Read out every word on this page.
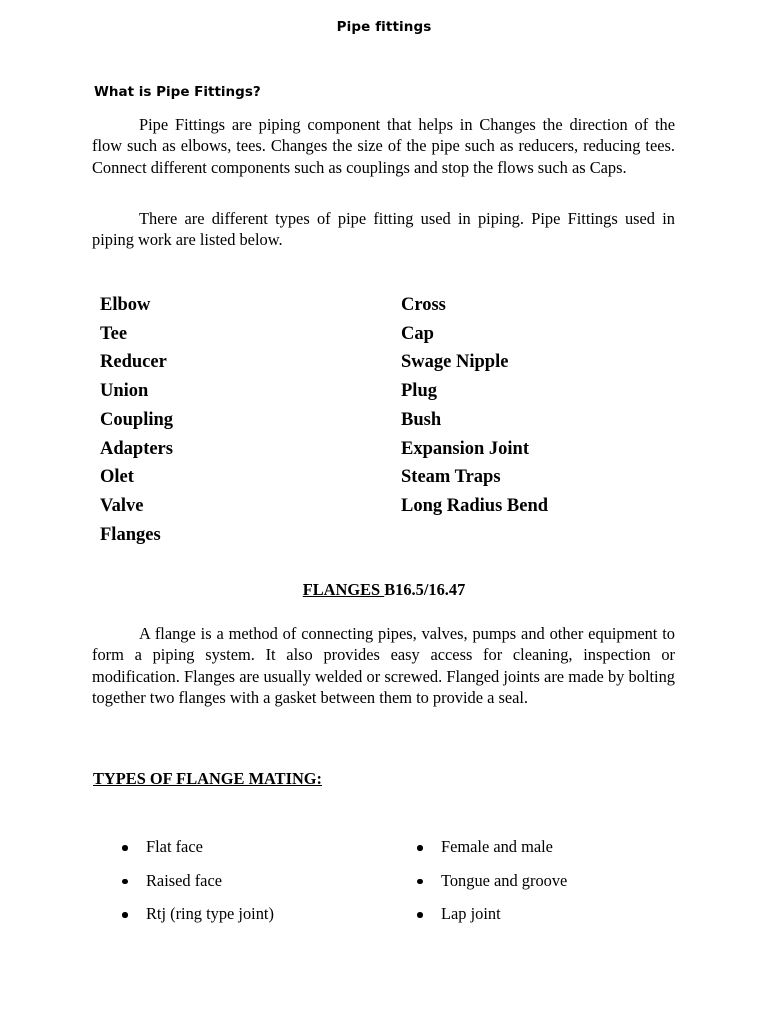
Pipe fittings
What is Pipe Fittings?

Pipe Fittings are piping component that helps in Changes the direction of the flow such as elbows, tees. Changes the size of the pipe such as reducers, reducing tees. Connect different components such as couplings and stop the flows such as Caps.

There are different types of pipe fitting used in piping. Pipe Fittings used in piping work are listed below.

Elbow
Tee
Reducer
Union
Coupling
Adapters
Olet
Valve
Flanges
Cross
Cap
Swage Nipple
Plug
Bush
Expansion Joint
Steam Traps
Long Radius Bend
FLANGES B16.5/16.47

A flange is a method of connecting pipes, valves, pumps and other equipment to form a piping system. It also provides easy access for cleaning, inspection or modification. Flanges are usually welded or screwed. Flanged joints are made by bolting together two flanges with a gasket between them to provide a seal.

TYPES OF FLANGE MATING:
Flat face
Raised face
Rtj (ring type joint)
Female and male
Tongue and groove
Lap joint
